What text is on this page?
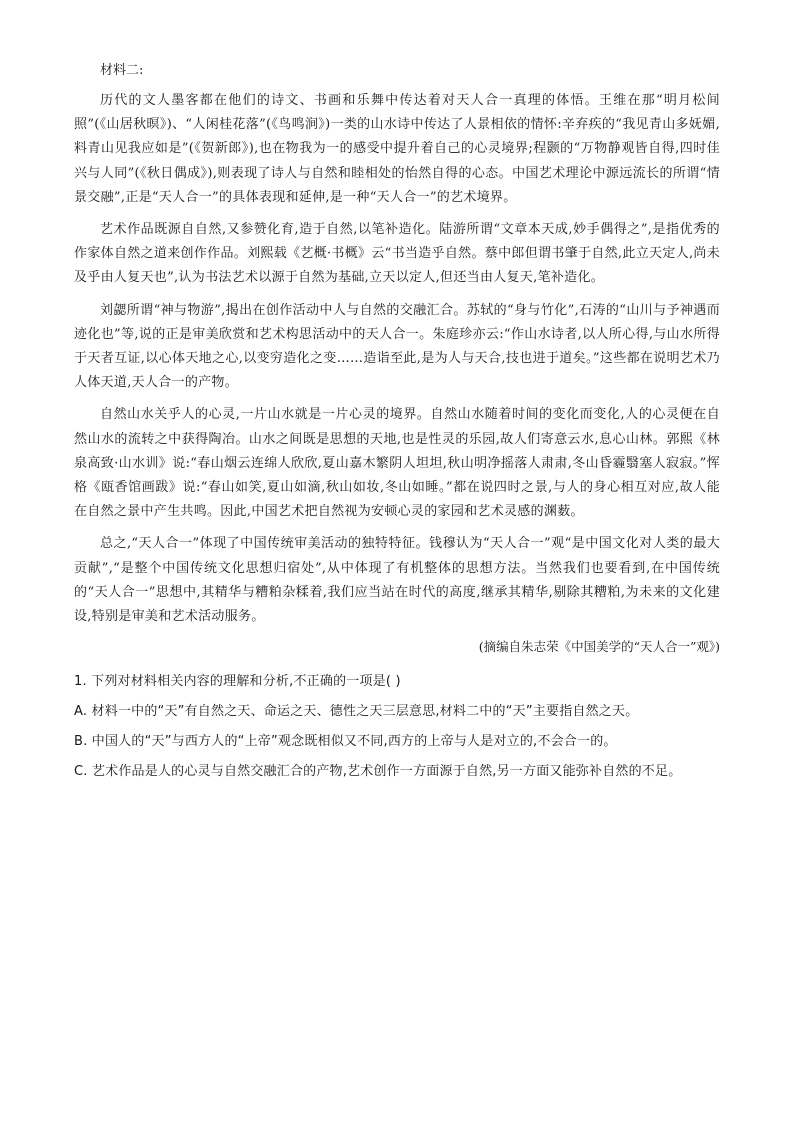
材料二:

历代的文人墨客都在他们的诗文、书画和乐舞中传达着对天人合一真理的体悟。王维在那“明月松间照”(《山居秋暝》)、“人闲桂花落”(《鸟鸣涧》)一类的山水诗中传达了人景相依的情怀:辛弃疾的“我见青山多妩媚,料青山见我应如是”(《贺新郎》),也在物我为一的感受中提升着自己的心灵境界;程颢的“万物静观皆自得,四时佳兴与人同”(《秋日偶成》),则表现了诗人与自然和睦相处的怡然自得的心态。中国艺术理论中源远流长的所谓“情景交融”,正是“天人合一”的具体表现和延伸,是一种“天人合一”的艺术境界。

艺术作品既源自自然,又参赞化育,造于自然,以笔补造化。陆游所谓“文章本天成,妙手偶得之”,是指优秀的作家体自然之道来创作作品。刘熙载《艺概·书概》云“书当造乎自然。蔡中郎但谓书肇于自然,此立天定人,尚未及乎由人复天也”,认为书法艺术以源于自然为基础,立天以定人,但还当由人复天,笔补造化。

刘勰所谓“神与物游”,揭出在创作活动中人与自然的交融汇合。苏轼的“身与竹化”,石涛的“山川与予神遇而迹化也”等,说的正是审美欣赏和艺术构思活动中的天人合一。朱庭珍亦云:“作山水诗者,以人所心得,与山水所得于天者互证,以心体天地之心,以变穷造化之变……造诣至此,是为人与天合,技也进于道矣。”这些都在说明艺术乃人体天道,天人合一的产物。

自然山水关乎人的心灵,一片山水就是一片心灵的境界。自然山水随着时间的变化而变化,人的心灵便在自然山水的流转之中获得陶冶。山水之间既是思想的天地,也是性灵的乐园,故人们寄意云水,息心山林。郭熙《林泉高致·山水训》说:“春山烟云连绵人欣欣,夏山嘉木繁阴人坦坦,秋山明净摇落人肃肃,冬山昏霾翳塞人寂寂。”恽格《瓯香馆画跋》说:“春山如笑,夏山如滴,秋山如妆,冬山如睡。”都在说四时之景,与人的身心相互对应,故人能在自然之景中产生共鸣。因此,中国艺术把自然视为安顿心灵的家园和艺术灵感的渊薮。

总之,“天人合一”体现了中国传统审美活动的独特特征。钱穆认为“天人合一”观“是中国文化对人类的最大贡献”,“是整个中国传统文化思想归宿处”,从中体现了有机整体的思想方法。当然我们也要看到,在中国传统的“天人合一”思想中,其精华与糟粕杂糅着,我们应当站在时代的高度,继承其精华,剔除其糟粕,为未来的文化建设,特别是审美和艺术活动服务。

(摘编自朱志荣《中国美学的“天人合一”观》)

1. 下列对材料相关内容的理解和分析,不正确的一项是( )

A. 材料一中的“天”有自然之天、命运之天、德性之天三层意思,材料二中的“天”主要指自然之天。

B. 中国人的“天”与西方人的“上帝”观念既相似又不同,西方的上帝与人是对立的,不会合一的。

C. 艺术作品是人的心灵与自然交融汇合的产物,艺术创作一方面源于自然,另一方面又能弥补自然的不足。
